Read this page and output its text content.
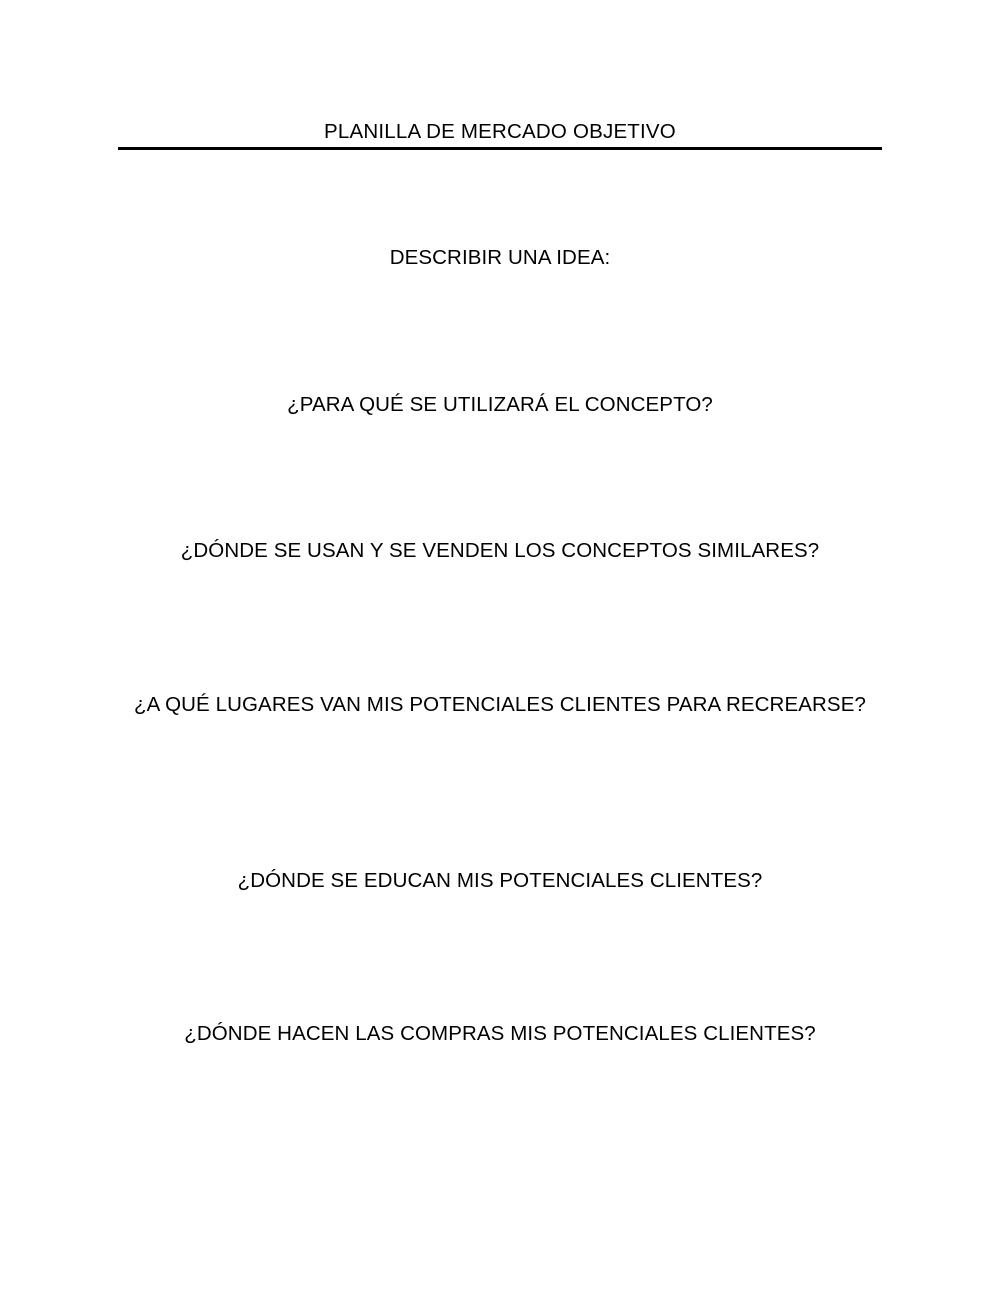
PLANILLA DE MERCADO OBJETIVO
DESCRIBIR UNA IDEA:
¿PARA QUÉ SE UTILIZARÁ EL CONCEPTO?
¿DÓNDE SE USAN Y SE VENDEN LOS CONCEPTOS SIMILARES?
¿A QUÉ LUGARES VAN MIS POTENCIALES CLIENTES PARA RECREARSE?
¿DÓNDE SE EDUCAN MIS POTENCIALES CLIENTES?
¿DÓNDE HACEN LAS COMPRAS MIS POTENCIALES CLIENTES?
